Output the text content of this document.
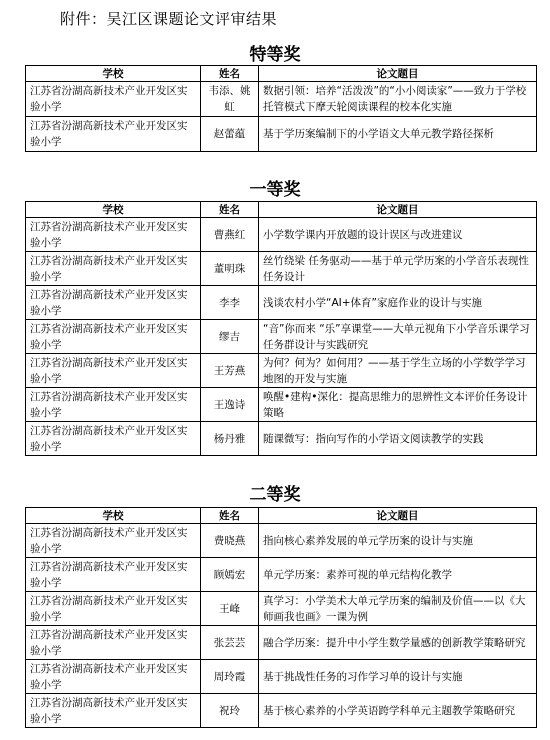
附件：吴江区课题论文评审结果
特等奖
学校	姓名	论文题目
江苏省汾湖高新技术产业开发区实验小学	韦添、姚虹	数据引领：培养“活泼泼”的“小小阅读家”——致力于学校托管模式下摩天轮阅读课程的校本化实施
江苏省汾湖高新技术产业开发区实验小学	赵蕾蕴	基于学历案编制下的小学语文大单元教学路径探析
一等奖
学校	姓名	论文题目
江苏省汾湖高新技术产业开发区实验小学	曹燕红	小学数学课内开放题的设计误区与改进建议
江苏省汾湖高新技术产业开发区实验小学	董明珠	丝竹绕梁 任务驱动——基于单元学历案的小学音乐表现性任务设计
江苏省汾湖高新技术产业开发区实验小学	李李	浅谈农村小学“AI+体育”家庭作业的设计与实施
江苏省汾湖高新技术产业开发区实验小学	缪吉	“音”你而来 “乐”享课堂——大单元视角下小学音乐课学习任务群设计与实践研究
江苏省汾湖高新技术产业开发区实验小学	王芳燕	为何？何为？如何用？——基于学生立场的小学数学学习地图的开发与实施
江苏省汾湖高新技术产业开发区实验小学	王逸诗	唤醒•建构•深化：提高思维力的思辨性文本评价任务设计策略
江苏省汾湖高新技术产业开发区实验小学	杨丹雅	随课微写：指向写作的小学语文阅读教学的实践
二等奖
学校	姓名	论文题目
江苏省汾湖高新技术产业开发区实验小学	费晓燕	指向核心素养发展的单元学历案的设计与实施
江苏省汾湖高新技术产业开发区实验小学	顾嫣宏	单元学历案：素养可视的单元结构化教学
江苏省汾湖高新技术产业开发区实验小学	王峰	真学习：小学美术大单元学历案的编制及价值——以《大师画我也画》一课为例
江苏省汾湖高新技术产业开发区实验小学	张芸芸	融合学历案：提升中小学生数学量感的创新教学策略研究
江苏省汾湖高新技术产业开发区实验小学	周玲霞	基于挑战性任务的习作学习单的设计与实施
江苏省汾湖高新技术产业开发区实验小学	祝玲	基于核心素养的小学英语跨学科单元主题教学策略研究
